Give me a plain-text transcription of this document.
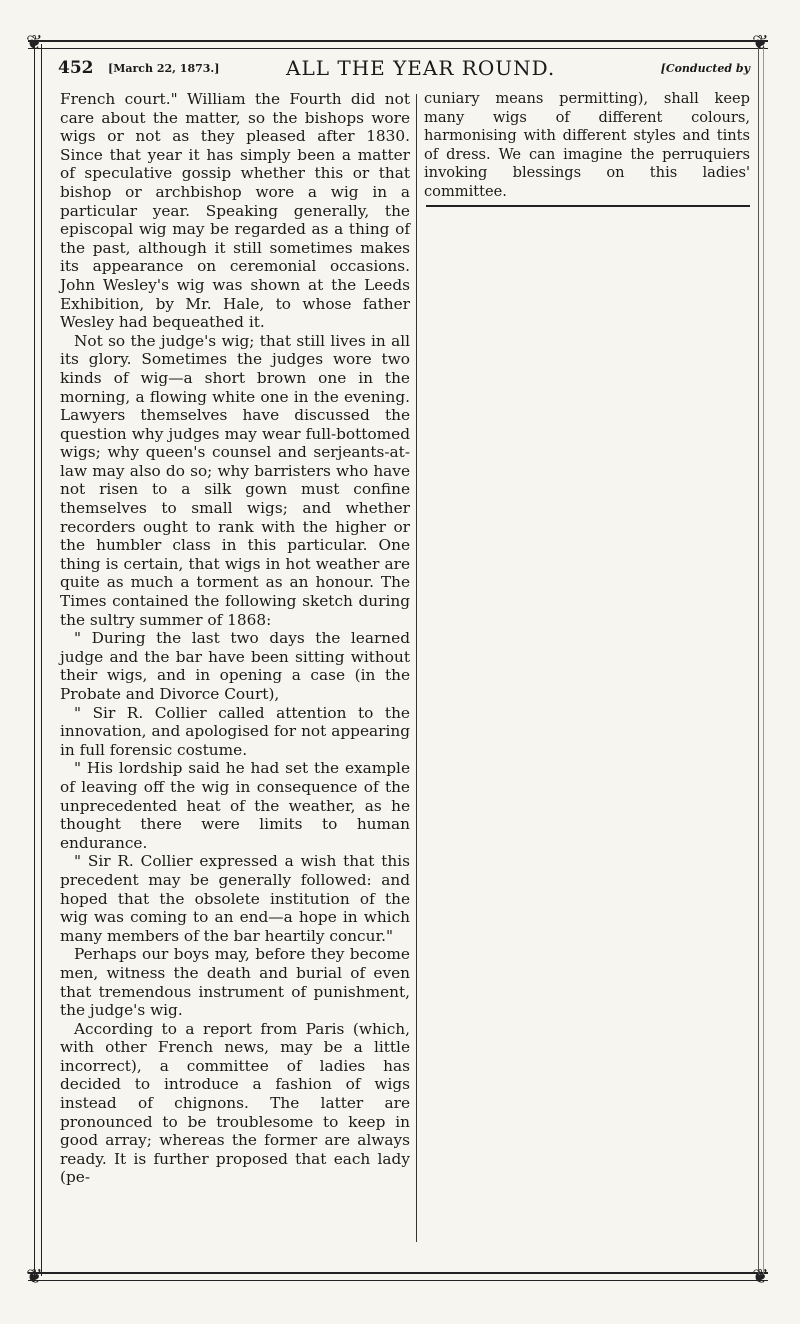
❦	❦
❦	❦
452 [March 22, 1873.]	ALL THE YEAR ROUND.	[Conducted by

French court." William the Fourth did not care about the matter, so the bishops wore wigs or not as they pleased after 1830. Since that year it has simply been a matter of speculative gossip whether this or that bishop or archbishop wore a wig in a particular year. Speaking generally, the episcopal wig may be regarded as a thing of the past, although it still sometimes makes its appearance on ceremonial occasions. John Wesley's wig was shown at the Leeds Exhibition, by Mr. Hale, to whose father Wesley had bequeathed it.

Not so the judge's wig; that still lives in all its glory. Sometimes the judges wore two kinds of wig—a short brown one in the morning, a flowing white one in the evening. Lawyers themselves have discussed the question why judges may wear full-bottomed wigs; why queen's counsel and serjeants-at-law may also do so; why barristers who have not risen to a silk gown must confine themselves to small wigs; and whether recorders ought to rank with the higher or the humbler class in this particular. One thing is certain, that wigs in hot weather are quite as much a torment as an honour. The Times contained the following sketch during the sultry summer of 1868:

" During the last two days the learned judge and the bar have been sitting without their wigs, and in opening a case (in the Probate and Divorce Court),

" Sir R. Collier called attention to the innovation, and apologised for not appearing in full forensic costume.

" His lordship said he had set the example of leaving off the wig in consequence of the unprecedented heat of the weather, as he thought there were limits to human endurance.

" Sir R. Collier expressed a wish that this precedent may be generally followed: and hoped that the obsolete institution of the wig was coming to an end—a hope in which many members of the bar heartily concur."

Perhaps our boys may, before they become men, witness the death and burial of even that tremendous instrument of punishment, the judge's wig.

According to a report from Paris (which, with other French news, may be a little incorrect), a committee of ladies has decided to introduce a fashion of wigs instead of chignons. The latter are pronounced to be troublesome to keep in good array; whereas the former are always ready. It is further proposed that each lady (pe-

cuniary means permitting), shall keep many wigs of different colours, harmonising with different styles and tints of dress. We can imagine the perruquiers invoking blessings on this ladies' committee.
